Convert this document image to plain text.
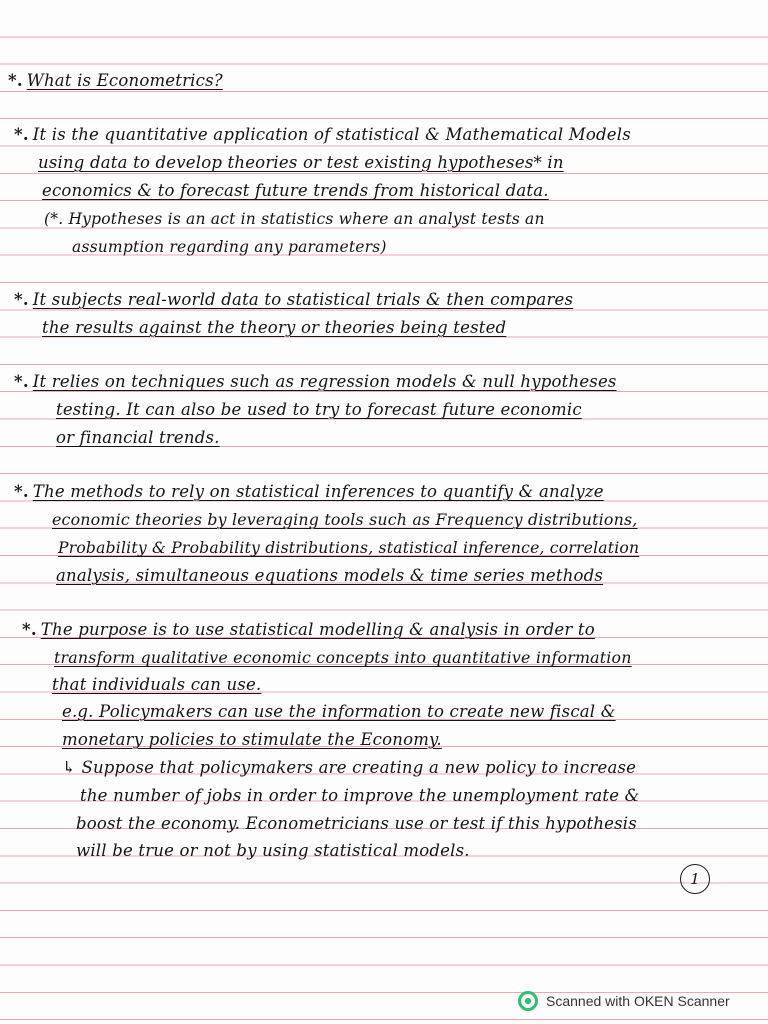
*. What is Econometrics?
*. It is the quantitative application of statistical & Mathematical Models
using data to develop theories or test existing hypotheses* in
economics & to forecast future trends from historical data.
(*. Hypotheses is an act in statistics where an analyst tests an
assumption regarding any parameters)
*. It subjects real-world data to statistical trials & then compares
the results against the theory or theories being tested
*. It relies on techniques such as regression models & null hypotheses
testing. It can also be used to try to forecast future economic
or financial trends.
*. The methods to rely on statistical inferences to quantify & analyze
economic theories by leveraging tools such as Frequency distributions,
Probability & Probability distributions, statistical inference, correlation
analysis, simultaneous equations models & time series methods
*. The purpose is to use statistical modelling & analysis in order to
transform qualitative economic concepts into quantitative information
that individuals can use.
e.g. Policymakers can use the information to create new fiscal &
monetary policies to stimulate the Economy.
↳ Suppose that policymakers are creating a new policy to increase
the number of jobs in order to improve the unemployment rate &
boost the economy. Econometricians use or test if this hypothesis
will be true or not by using statistical models.
1
Scanned with OKEN Scanner
